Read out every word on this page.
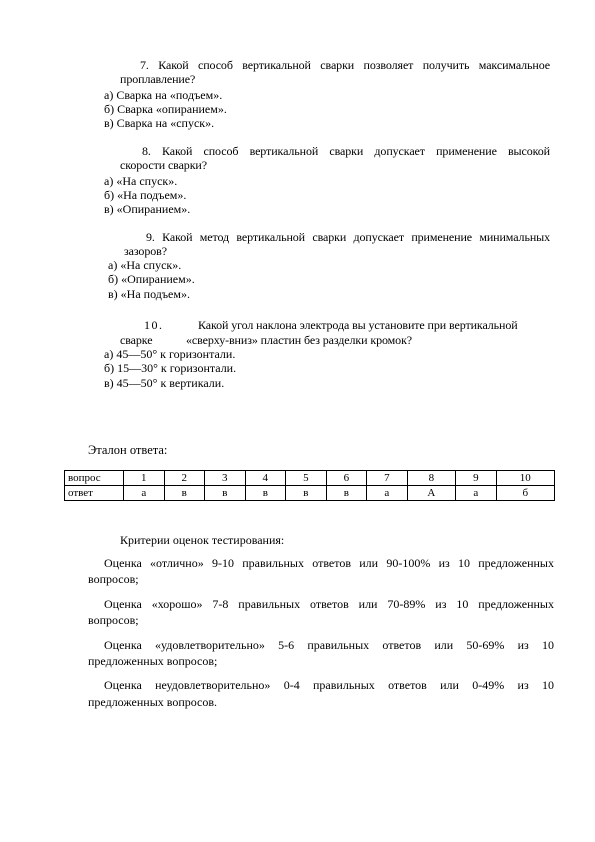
7. Какой способ вертикальной сварки позволяет получить максимальное
проплавление?
а) Сварка на «подъем».
б) Сварка «опиранием».
в) Сварка на «спуск».
8. Какой способ вертикальной сварки допускает применение высокой
скорости сварки?
а) «На спуск».
б) «На подъем».
в) «Опиранием».
9. Какой метод вертикальной сварки допускает применение минимальных
зазоров?
а) «На спуск».
б) «Опиранием».
в) «На подъем».
10.	Какой угол наклона электрода вы установите при вертикальной
сварке	«сверху-вниз» пластин без разделки кромок?
а) 45—50° к горизонтали.
б) 15—30° к горизонтали.
в) 45—50° к вертикали.
Эталон ответа:
вопрос	1	2	3	4	5	6	7	8	9	10
ответ	а	в	в	в	в	в	а	А	а	б
Критерии оценок тестирования:
Оценка «отлично» 9-10 правильных ответов или 90-100% из 10 предложенных
вопросов;
Оценка «хорошо» 7-8 правильных ответов или 70-89% из 10 предложенных
вопросов;
Оценка «удовлетворительно» 5-6 правильных ответов или 50-69% из 10
предложенных вопросов;
Оценка неудовлетворительно» 0-4 правильных ответов или 0-49% из 10
предложенных вопросов.
